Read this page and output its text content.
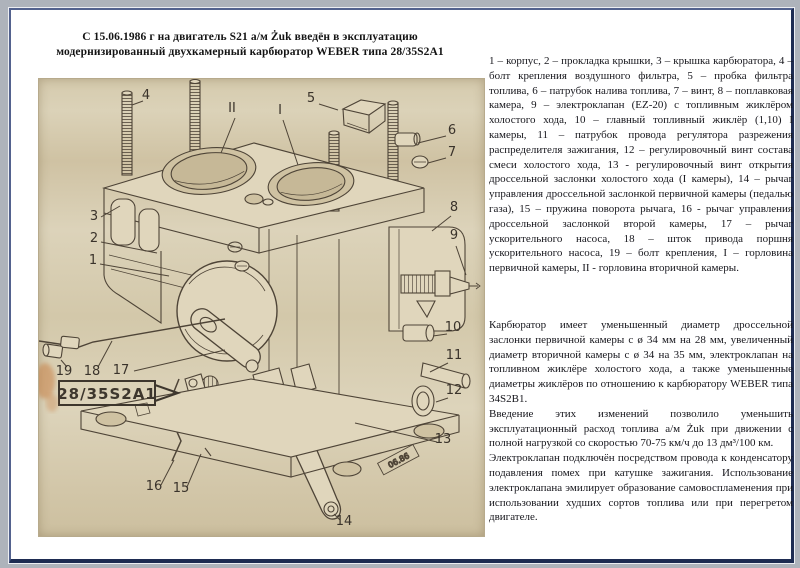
С 15.06.1986 г на двигатель S21 а/м Żuk введён в эксплуатацию
модернизированный двухкамерный карбюратор WEBER типа 28/35S2A1
06.86
28/35S2A1
4
II	I
5
6
7
3
2
1
8
9
10
11
12
13
14
15
16
17
18
19

1 – корпус, 2 – прокладка крышки, 3 – крышка карбюратора, 4 – болт крепления воздушного фильтра, 5 – пробка фильтра топлива, 6 – патрубок налива топлива, 7 – винт, 8 – поплавковая камера, 9 – электроклапан (EZ-20) с топливным жиклёром холостого хода, 10 – главный топливный жиклёр (1,10) I камеры, 11 – патрубок провода регулятора разрежения распределителя зажигания, 12 – регулировочный винт состава смеси холостого хода, 13 - регулировочный винт открытия дроссельной заслонки холостого хода (I камеры), 14 – рычаг управления дроссельной заслонкой первичной камеры (педалью газа), 15 – пружина поворота рычага, 16 - рычаг управления дроссельной заслонкой второй камеры, 17 – рычаг ускорительного насоса, 18 – шток привода поршня ускорительного насоса, 19 – болт крепления, I – горловина первичной камеры, II - горловина вторичной камеры.

Карбюратор имеет уменьшенный диаметр дроссельной заслонки первичной камеры с ø 34 мм на 28 мм, увеличенный диаметр вторичной камеры с ø 34 на 35 мм, электроклапан на топливном жиклёре холостого хода, а также уменьшенные диаметры жиклёров по отношению к карбюратору WEBER типа 34S2B1.

Введение этих изменений позволило уменьшить эксплуатационный расход топлива а/м Żuk при движении с полной нагрузкой со скоростью 70-75 км/ч до 13 дм³/100 км.

Электроклапан подключён посредством провода к конденсатору подавления помех при катушке зажигания. Использование электроклапана эмилирует образование самовоспламенения при использовании худших сортов топлива или при перегретом двигателе.
